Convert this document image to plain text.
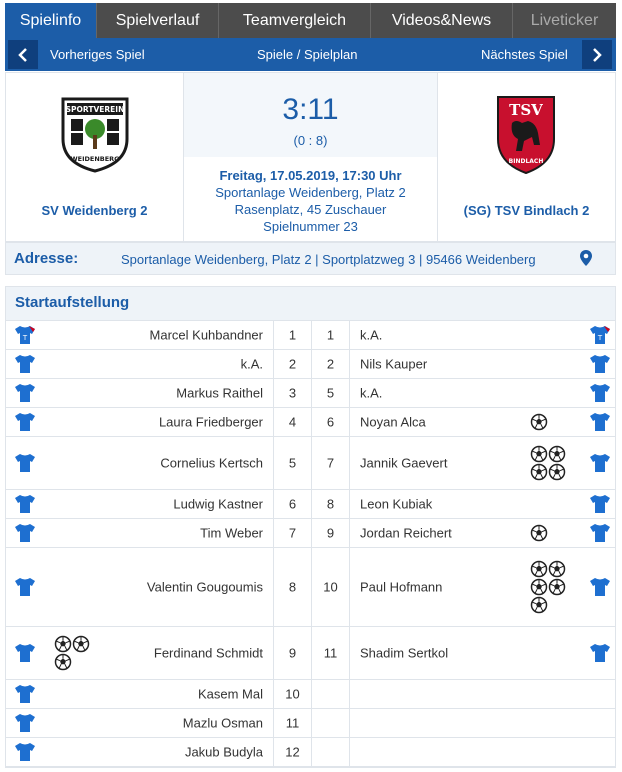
Spielinfo	Spielverlauf	Teamvergleich	Videos&News	Liveticker
Vorheriges Spiel	Spiele / Spielplan	Nächstes Spiel
SPORTVEREIN
WEIDENBERG
SV Weidenberg 2
3:11
(0 : 8)
Freitag, 17.05.2019, 17:30 Uhr
Sportanlage Weidenberg, Platz 2
Rasenplatz, 45 Zuschauer
Spielnummer 23
TSV
BINDLACH
(SG) TSV Bindlach 2
Adresse:	Sportanlage Weidenberg, Platz 2 | Sportplatzweg 3 | 95466 Weidenberg
Startaufstellung
T	Marcel Kuhbandner	1	1	k.A.	T
k.A.	2	2	Nils Kauper
Markus Raithel	3	5	k.A.
Laura Friedberger	4	6	Noyan Alca
Cornelius Kertsch	5	7	Jannik Gaevert
Ludwig Kastner	6	8	Leon Kubiak
Tim Weber	7	9	Jordan Reichert
Valentin Gougoumis	8	10	Paul Hofmann
Ferdinand Schmidt	9	11	Shadim Sertkol
Kasem Mal	10
Mazlu Osman	11
Jakub Budyla	12
